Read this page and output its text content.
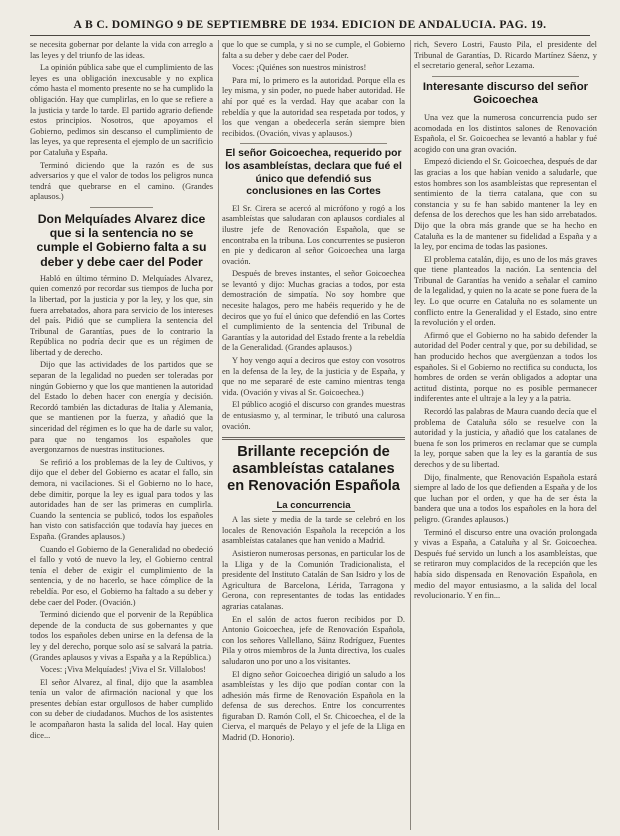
A B C. DOMINGO 9 DE SEPTIEMBRE DE 1934. EDICION DE ANDALUCIA. PAG. 19.

se necesita gobernar por delante la vida con arreglo a las leyes y del triunfo de las ideas.

La opinión pública sabe que el cumplimiento de las leyes es una obligación inexcusable y no explica cómo hasta el momento presente no se ha cumplido la obligación. Hay que cumplirlas, en lo que se refiere a la justicia y tarde lo tarde. El partido agrario defiende estos principios. Nosotros, que apoyamos el Gobierno, pedimos sin descanso el cumplimiento de las leyes, ya que representa el ejemplo de un sacrificio por Cataluña y España.

Terminó diciendo que la razón es de sus adversarios y que el valor de todos los peligros nunca tendrá que quebrarse en el camino. (Grandes aplausos.)

Don Melquíades Alvarez dice que si la sentencia no se cumple el Gobierno falta a su deber y debe caer del Poder

Habló en último término D. Melquíades Alvarez, quien comenzó por recordar sus tiempos de lucha por la libertad, por la justicia y por la ley, y los que, sin fuera arrebatados, ahora para servicio de los intereses del país. Pidió que se cumpliera la sentencia del Tribunal de Garantías, pues de lo contrario la República no podría decir que es un régimen de libertad y de derecho.

Dijo que las actividades de los partidos que se separan de la legalidad no pueden ser toleradas por ningún Gobierno y que los que mantienen la autoridad del Estado lo deben hacer con energía y decisión. Recordó también las dictaduras de Italia y Alemania, que se mantienen por la fuerza, y añadió que la sinceridad del régimen es lo que ha de darle su valor, para que no tengamos los españoles que avergonzarnos de nuestras instituciones.

Se refirió a los problemas de la ley de Cultivos, y dijo que el deber del Gobierno es acatar el fallo, sin demora, ni vacilaciones. Si el Gobierno no lo hace, debe dimitir, porque la ley es igual para todos y las autoridades han de ser las primeras en cumplirla. Cuando la sentencia se publicó, todos los españoles han visto con satisfacción que todavía hay jueces en España. (Grandes aplausos.)

Cuando el Gobierno de la Generalidad no obedeció el fallo y votó de nuevo la ley, el Gobierno central tenía el deber de exigir el cumplimiento de la sentencia, y de no hacerlo, se hace cómplice de la rebeldía. Por eso, el Gobierno ha faltado a su deber y debe caer del Poder. (Ovación.)

Terminó diciendo que el porvenir de la República depende de la conducta de sus gobernantes y que todos los españoles deben unirse en la defensa de la ley y del derecho, porque solo así se salvará la patria. (Grandes aplausos y vivas a España y a la República.)

Voces: ¡Viva Melquíades! ¡Viva el Sr. Villalobos!

El señor Alvarez, al final, dijo que la asamblea tenía un valor de afirmación nacional y que los presentes debían estar orgullosos de haber cumplido con su deber de ciudadanos. Muchos de los asistentes le acompañaron hasta la salida del local. Hay quien dice...

que lo que se cumpla, y si no se cumple, el Gobierno falta a su deber y debe caer del Poder.

Voces: ¡Quiénes son nuestros ministros!

Para mí, lo primero es la autoridad. Porque ella es ley misma, y sin poder, no puede haber autoridad. He ahí por qué es la verdad. Hay que acabar con la rebeldía y que la autoridad sea respetada por todos, y los que vengan a obedecerla serán siempre bien recibidos. (Ovación, vivas y aplausos.)

El señor Goicoechea, requerido por los asambleístas, declara que fué el único que defendió sus conclusiones en las Cortes

El Sr. Cirera se acercó al micrófono y rogó a los asambleístas que saludaran con aplausos cordiales al ilustre jefe de Renovación Española, que se encontraba en la tribuna. Los concurrentes se pusieron en pie y dedicaron al señor Goicoechea una larga ovación.

Después de breves instantes, el señor Goicoechea se levantó y dijo: Muchas gracias a todos, por esta demostración de simpatía. No soy hombre que necesite halagos, pero me habéis requerido y he de deciros que yo fuí el único que defendió en las Cortes el cumplimiento de la sentencia del Tribunal de Garantías y la autoridad del Estado frente a la rebeldía de la Generalidad. (Grandes aplausos.)

Y hoy vengo aquí a deciros que estoy con vosotros en la defensa de la ley, de la justicia y de España, y que no me separaré de este camino mientras tenga vida. (Ovación y vivas al Sr. Goicoechea.)

El público acogió el discurso con grandes muestras de entusiasmo y, al terminar, le tributó una calurosa ovación.

Brillante recepción de asambleístas catalanes en Renovación Española
La concurrencia

A las siete y media de la tarde se celebró en los locales de Renovación Española la recepción a los asambleístas catalanes que han venido a Madrid.

Asistieron numerosas personas, en particular los de la Lliga y de la Comunión Tradicionalista, el presidente del Instituto Catalán de San Isidro y los de Agricultura de Barcelona, Lérida, Tarragona y Gerona, con representantes de todas las entidades agrarias catalanas.

En el salón de actos fueron recibidos por D. Antonio Goicoechea, jefe de Renovación Española, con los señores Vallellano, Sáinz Rodríguez, Fuentes Pila y otros miembros de la Junta directiva, los cuales saludaron uno por uno a los visitantes.

El digno señor Goicoechea dirigió un saludo a los asambleístas y les dijo que podían contar con la adhesión más firme de Renovación Española en la defensa de sus derechos. Entre los concurrentes figuraban D. Ramón Coll, el Sr. Chicoechea, el de la Cierva, el marqués de Pelayo y el jefe de la Lliga en Madrid (D. Honorio).

rich, Severo Lostri, Fausto Pila, el presidente del Tribunal de Garantías, D. Ricardo Martínez Sáenz, y el secretario general, señor Lezama.

Interesante discurso del señor Goicoechea

Una vez que la numerosa concurrencia pudo ser acomodada en los distintos salones de Renovación Española, el Sr. Goicoechea se levantó a hablar y fué acogido con una gran ovación.

Empezó diciendo el Sr. Goicoechea, después de dar las gracias a los que habían venido a saludarle, que estos hombres son los asambleístas que representan el sentimiento de la tierra catalana, que con su constancia y su fe han sabido mantener la ley en defensa de los derechos que les han sido arrebatados. Dijo que la obra más grande que se ha hecho en Cataluña es la de mantener su fidelidad a España y a la ley, por encima de todas las pasiones.

El problema catalán, dijo, es uno de los más graves que tiene planteados la nación. La sentencia del Tribunal de Garantías ha venido a señalar el camino de la legalidad, y quien no la acate se pone fuera de la ley. Lo que ocurre en Cataluña no es solamente un conflicto entre la Generalidad y el Estado, sino entre la revolución y el orden.

Afirmó que el Gobierno no ha sabido defender la autoridad del Poder central y que, por su debilidad, se han producido hechos que avergüenzan a todos los españoles. Si el Gobierno no rectifica su conducta, los hombres de orden se verán obligados a adoptar una actitud distinta, porque no es posible permanecer indiferentes ante el ultraje a la ley y a la patria.

Recordó las palabras de Maura cuando decía que el problema de Cataluña sólo se resuelve con la autoridad y la justicia, y añadió que los catalanes de buena fe son los primeros en reclamar que se cumpla la ley, porque saben que la ley es la garantía de sus derechos y de su libertad.

Dijo, finalmente, que Renovación Española estará siempre al lado de los que defienden a España y de los que luchan por el orden, y que ha de ser ésta la bandera que una a todos los españoles en la hora del peligro. (Grandes aplausos.)

Terminó el discurso entre una ovación prolongada y vivas a España, a Cataluña y al Sr. Goicoechea. Después fué servido un lunch a los asambleístas, que se retiraron muy complacidos de la recepción que les había sido dispensada en Renovación Española, en medio del mayor entusiasmo, a la salida del local revolucionario. Y en fin...
